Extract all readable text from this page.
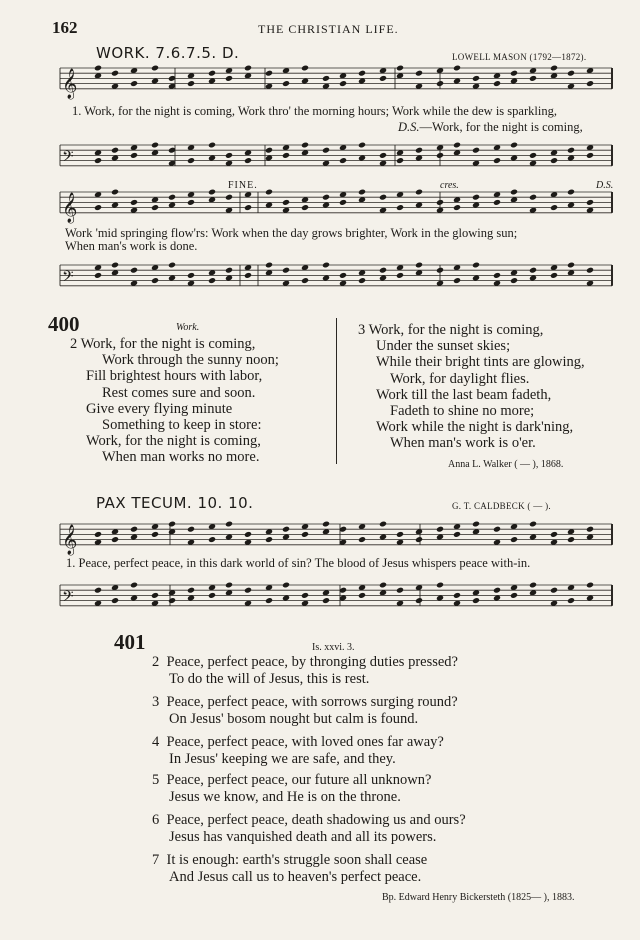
162	THE CHRISTIAN LIFE.
WORK. 7.6.7.5. D.	LOWELL MASON (1792—1872).
𝄞
𝄢
𝄞
𝄢
𝄞
𝄢
1. Work, for the night is coming, Work thro' the morning hours; Work while the dew is sparkling,
D.S.—Work, for the night is coming,
FINE.	cres.	D.S.
Work 'mid springing flow'rs: Work when the day grows brighter, Work in the glowing sun;
When man's work is done.
400	Work.
2 Work, for the night is coming,
Work through the sunny noon;
Fill brightest hours with labor,
Rest comes sure and soon.
Give every flying minute
Something to keep in store:
Work, for the night is coming,
When man works no more.
3 Work, for the night is coming,
Under the sunset skies;
While their bright tints are glowing,
Work, for daylight flies.
Work till the last beam fadeth,
Fadeth to shine no more;
Work while the night is dark'ning,
When man's work is o'er.
Anna L. Walker ( — ), 1868.
PAX TECUM. 10. 10.	G. T. CALDBECK ( — ).
1. Peace, perfect peace, in this dark world of sin? The blood of Jesus whispers peace with-in.
401	Is. xxvi. 3.
2 Peace, perfect peace, by thronging duties pressed?
To do the will of Jesus, this is rest.
3 Peace, perfect peace, with sorrows surging round?
On Jesus' bosom nought but calm is found.
4 Peace, perfect peace, with loved ones far away?
In Jesus' keeping we are safe, and they.
5 Peace, perfect peace, our future all unknown?
Jesus we know, and He is on the throne.
6 Peace, perfect peace, death shadowing us and ours?
Jesus has vanquished death and all its powers.
7 It is enough: earth's struggle soon shall cease
And Jesus call us to heaven's perfect peace.
Bp. Edward Henry Bickersteth (1825— ), 1883.
